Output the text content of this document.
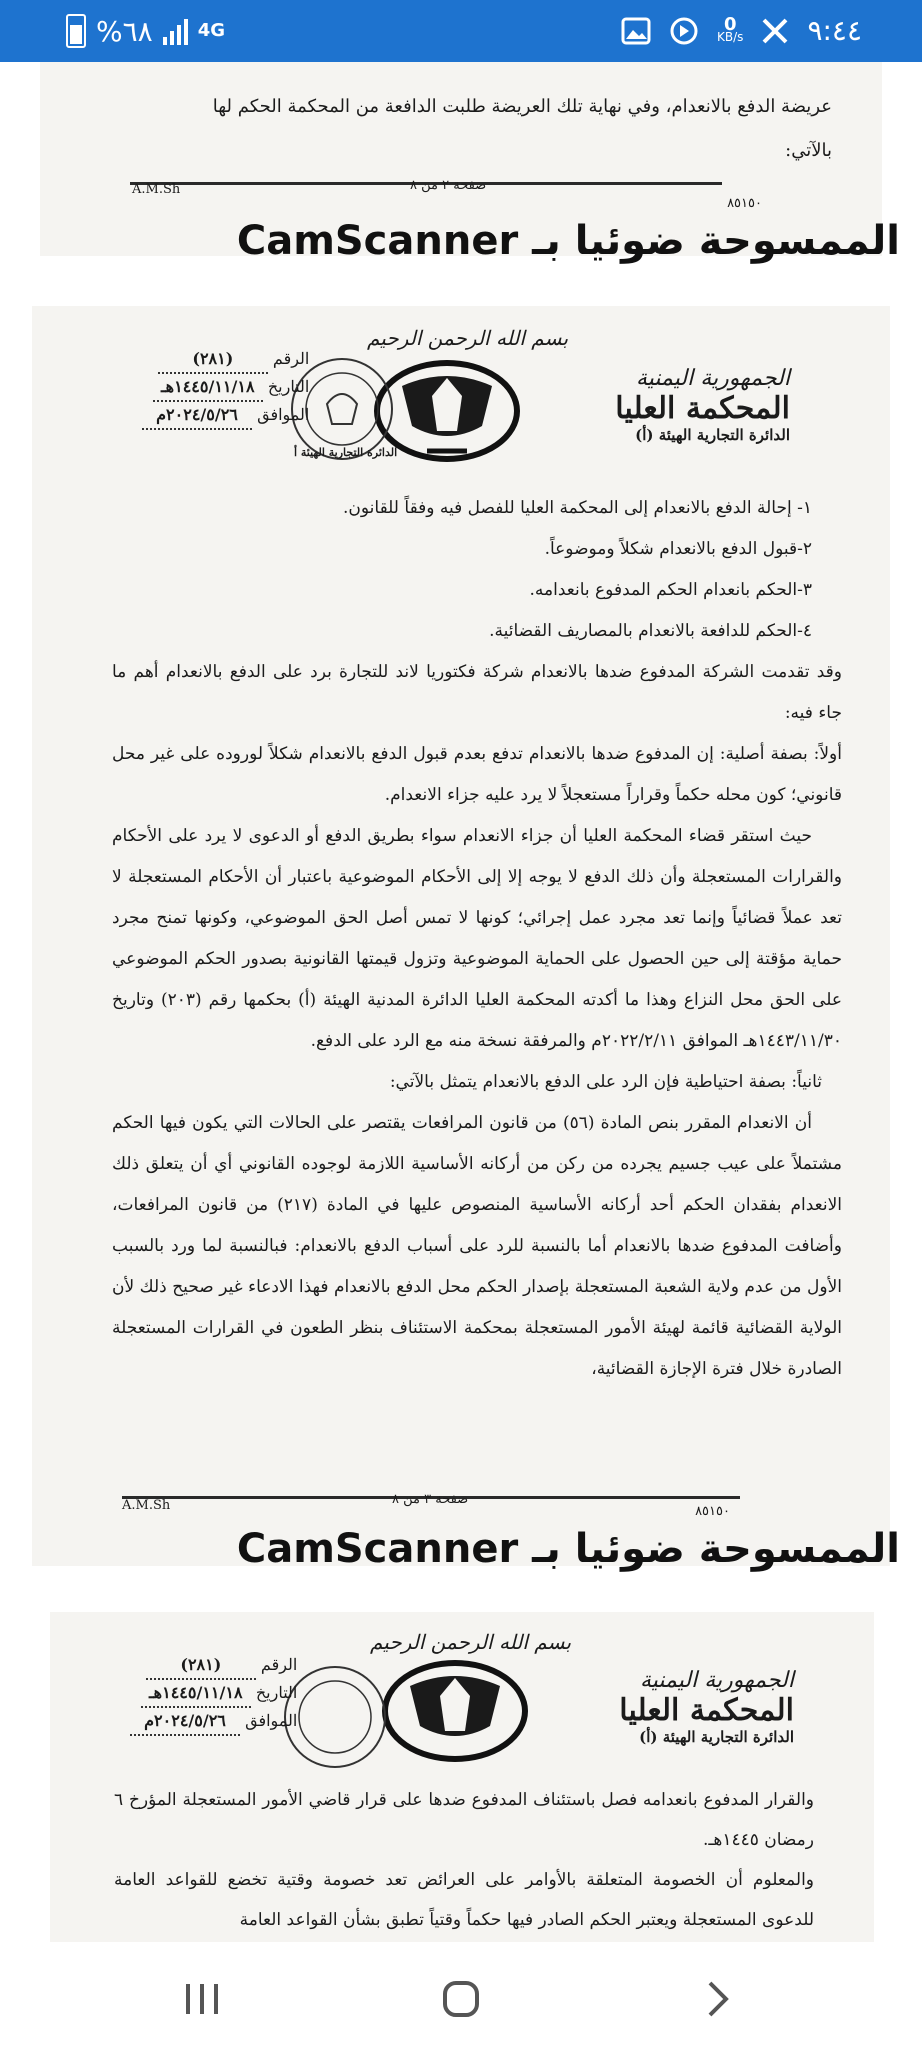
%٦٨	4G	0
KB/s ٩:٤٤
عريضة الدفع بالانعدام، وفي نهاية تلك العريضة طلبت الدافعة من المحكمة الحكم لها
بالآتي:
A.M.Sh	صفحة ٢ من ٨
٨٥١٥٠
الممسوحة ضوئيا بـ CamScanner
الجمهورية اليمنية
المحكمة العليا
الدائرة التجارية الهيئة (أ)
بسم الله الرحمن الرحيم
الدائرة التجارية الهيئة أ
الرقم (٢٨١)
التاريخ ١٤٤٥/١١/١٨هـ
الموافق ٢٠٢٤/٥/٢٦م

١- إحالة الدفع بالانعدام إلى المحكمة العليا للفصل فيه وفقاً للقانون.

٢-قبول الدفع بالانعدام شكلاً وموضوعاً.

٣-الحكم بانعدام الحكم المدفوع بانعدامه.

٤-الحكم للدافعة بالانعدام بالمصاريف القضائية.

وقد تقدمت الشركة المدفوع ضدها بالانعدام شركة فكتوريا لاند للتجارة برد على الدفع بالانعدام أهم ما جاء فيه:

أولاً: بصفة أصلية: إن المدفوع ضدها بالانعدام تدفع بعدم قبول الدفع بالانعدام شكلاً لوروده على غير محل قانوني؛ كون محله حكماً وقراراً مستعجلاً لا يرد عليه جزاء الانعدام.

حيث استقر قضاء المحكمة العليا أن جزاء الانعدام سواء بطريق الدفع أو الدعوى لا يرد على الأحكام والقرارات المستعجلة وأن ذلك الدفع لا يوجه إلا إلى الأحكام الموضوعية باعتبار أن الأحكام المستعجلة لا تعد عملاً قضائياً وإنما تعد مجرد عمل إجرائي؛ كونها لا تمس أصل الحق الموضوعي، وكونها تمنح مجرد حماية مؤقتة إلى حين الحصول على الحماية الموضوعية وتزول قيمتها القانونية بصدور الحكم الموضوعي على الحق محل النزاع وهذا ما أكدته المحكمة العليا الدائرة المدنية الهيئة (أ) بحكمها رقم (٢٠٣) وتاريخ ١٤٤٣/١١/٣٠هـ الموافق ٢٠٢٢/٢/١١م والمرفقة نسخة منه مع الرد على الدفع.

ثانياً: بصفة احتياطية فإن الرد على الدفع بالانعدام يتمثل بالآتي:

أن الانعدام المقرر بنص المادة (٥٦) من قانون المرافعات يقتصر على الحالات التي يكون فيها الحكم مشتملاً على عيب جسيم يجرده من ركن من أركانه الأساسية اللازمة لوجوده القانوني أي أن يتعلق ذلك الانعدام بفقدان الحكم أحد أركانه الأساسية المنصوص عليها في المادة (٢١٧) من قانون المرافعات، وأضافت المدفوع ضدها بالانعدام أما بالنسبة للرد على أسباب الدفع بالانعدام: فبالنسبة لما ورد بالسبب الأول من عدم ولاية الشعبة المستعجلة بإصدار الحكم محل الدفع بالانعدام فهذا الادعاء غير صحيح ذلك لأن الولاية القضائية قائمة لهيئة الأمور المستعجلة بمحكمة الاستئناف بنظر الطعون في القرارات المستعجلة الصادرة خلال فترة الإجازة القضائية،

A.M.Sh	صفحة ٣ من ٨
٨٥١٥٠
الممسوحة ضوئيا بـ CamScanner
الجمهورية اليمنية
المحكمة العليا
الدائرة التجارية الهيئة (أ)
بسم الله الرحمن الرحيم
الرقم (٢٨١)
التاريخ ١٤٤٥/١١/١٨هـ
الموافق ٢٠٢٤/٥/٢٦م

والقرار المدفوع بانعدامه فصل باستئناف المدفوع ضدها على قرار قاضي الأمور المستعجلة المؤرخ ٦ رمضان ١٤٤٥هـ.

والمعلوم أن الخصومة المتعلقة بالأوامر على العرائض تعد خصومة وقتية تخضع للقواعد العامة للدعوى المستعجلة ويعتبر الحكم الصادر فيها حكماً وقتياً تطبق بشأن القواعد العامة
